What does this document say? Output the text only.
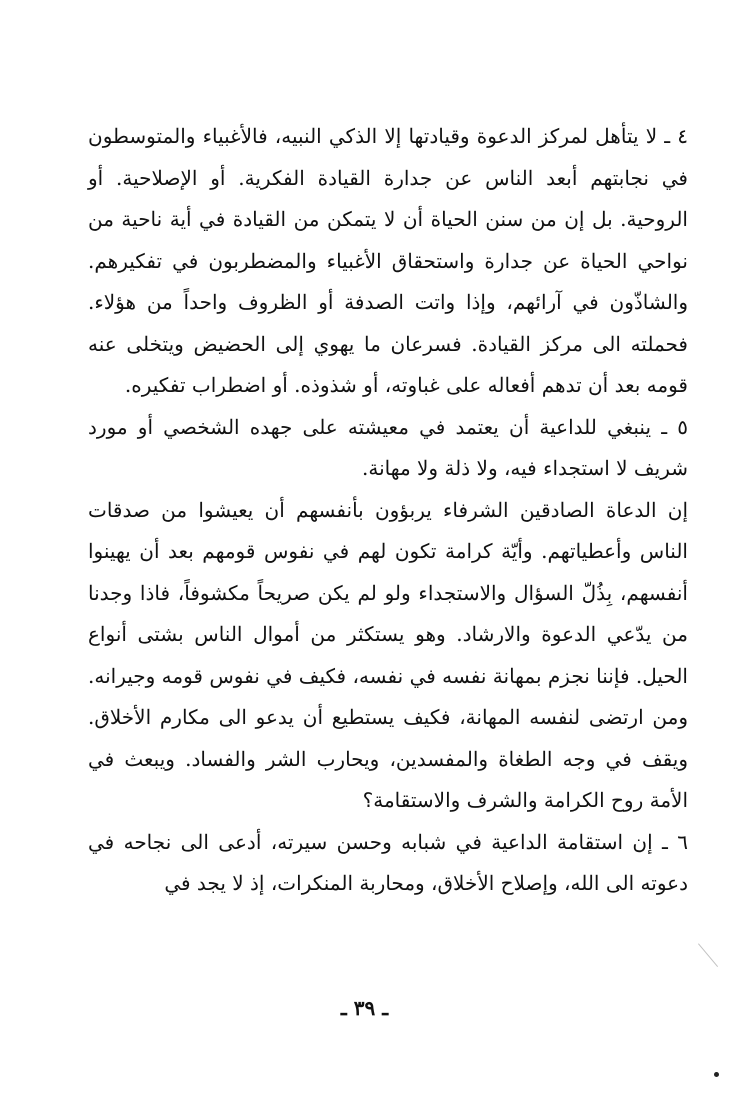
٤ ـ لا يتأهل لمركز الدعوة وقيادتها إلا الذكي النبيه، فالأغبياء والمتوسطون في نجابتهم أبعد الناس عن جدارة القيادة الفكرية. أو الإصلاحية. أو الروحية. بل إن من سنن الحياة أن لا يتمكن من القيادة في أية ناحية من نواحي الحياة عن جدارة واستحقاق الأغبياء والمضطربون في تفكيرهم. والشاذّون في آرائهم، وإذا واتت الصدفة أو الظروف واحداً من هؤلاء. فحملته الى مركز القيادة. فسرعان ما يهوي إلى الحضيض ويتخلى عنه قومه بعد أن تدهم أفعاله على غباوته، أو شذوذه. أو اضطراب تفكيره.

٥ ـ ينبغي للداعية أن يعتمد في معيشته على جهده الشخصي أو مورد شريف لا استجداء فيه، ولا ذلة ولا مهانة.

إن الدعاة الصادقين الشرفاء يربؤون بأنفسهم أن يعيشوا من صدقات الناس وأعطياتهم. وأيّة كرامة تكون لهم في نفوس قومهم بعد أن يهينوا أنفسهم، بِذُلّ السؤال والاستجداء ولو لم يكن صريحاً مكشوفاً، فاذا وجدنا من يدّعي الدعوة والارشاد. وهو يستكثر من أموال الناس بشتى أنواع الحيل. فإننا نجزم بمهانة نفسه في نفسه، فكيف في نفوس قومه وجيرانه. ومن ارتضى لنفسه المهانة، فكيف يستطيع أن يدعو الى مكارم الأخلاق. ويقف في وجه الطغاة والمفسدين، ويحارب الشر والفساد. ويبعث في الأمة روح الكرامة والشرف والاستقامة؟

٦ ـ إن استقامة الداعية في شبابه وحسن سيرته، أدعى الى نجاحه في دعوته الى الله، وإصلاح الأخلاق، ومحاربة المنكرات، إذ لا يجد في

ـ ٣٩ ـ
